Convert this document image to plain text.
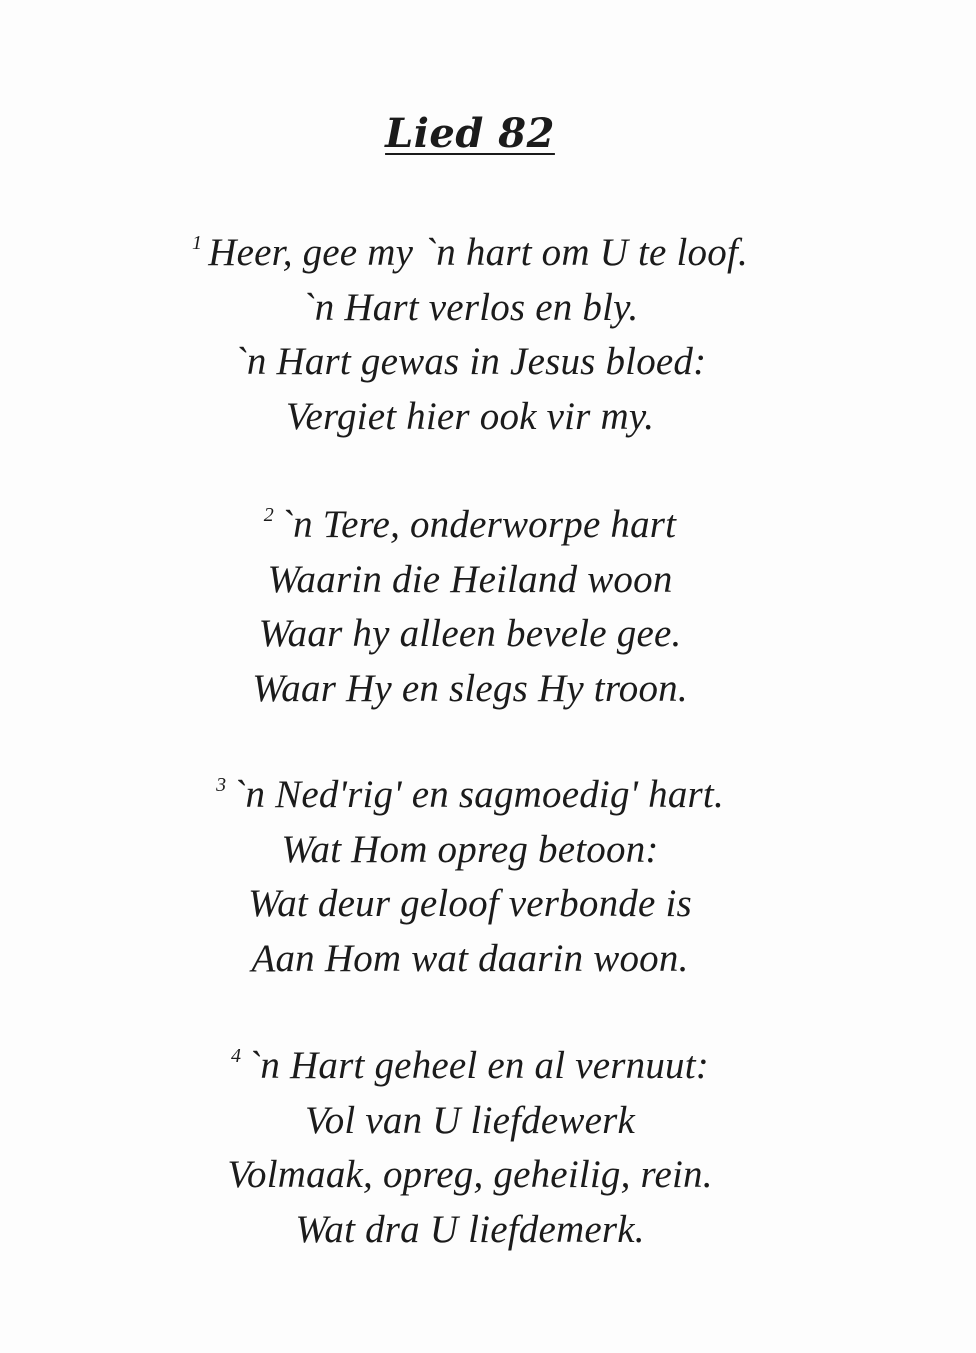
Lied 82
$^1$ Heer, gee my `n hart om U te loof.
`n Hart verlos en bly.
`n Hart gewas in Jesus bloed:
Vergiet hier ook vir my.
$^2$ `n Tere, onderworpe hart
Waarin die Heiland woon
Waar hy alleen bevele gee.
Waar Hy en slegs Hy troon.
$^3$ `n Ned'rig' en sagmoedig' hart.
Wat Hom opreg betoon:
Wat deur geloof verbonde is
Aan Hom wat daarin woon.
$^4$ `n Hart geheel en al vernuut:
Vol van U liefdewerk
Volmaak, opreg, geheilig, rein.
Wat dra U liefdemerk.
